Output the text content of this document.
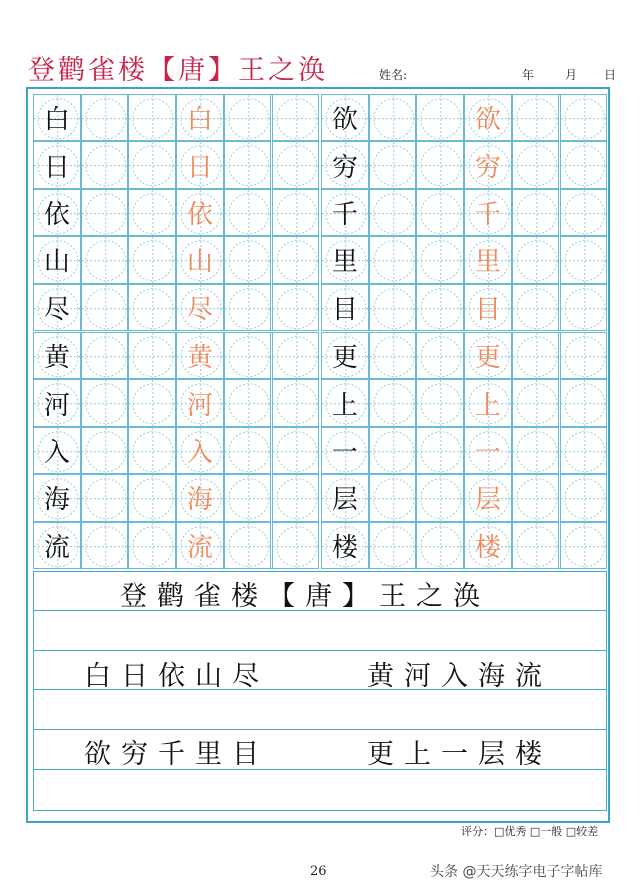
登鹳雀楼【唐】王之涣	姓名:	年	月 日
白	白
日	日
依	依
山	山
尽	尽
欲	欲
穷	穷
千	千
里	里
目	目
黄	黄
河	河
入	入
海	海
流	流
更	更
上	上
一	一
层	层
楼	楼
登鹳雀楼【唐】王之涣
白日依山尽	黄河入海流
欲穷千里目	更上一层楼
评分：□优秀 □一般 □较差
26	头条 @天天练字电子字帖库
